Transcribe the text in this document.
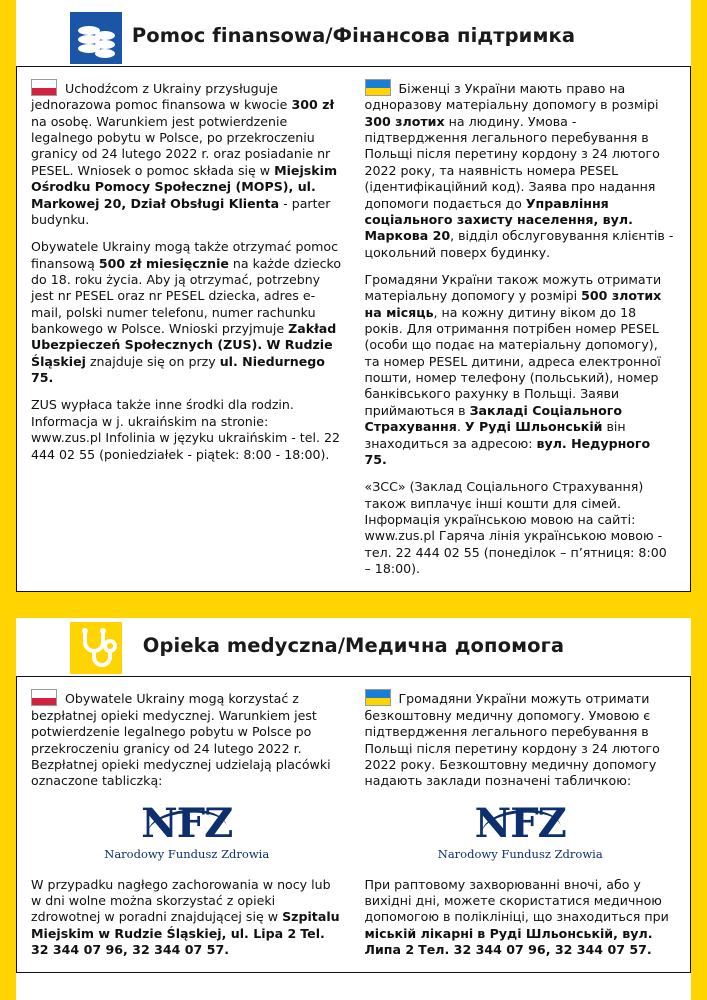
Pomoc finansowa/Фінансова підтримка

Uchodźcom z Ukrainy przysługuje jednorazowa pomoc finansowa w kwocie 300 zł na osobę. Warunkiem jest potwierdzenie legalnego pobytu w Polsce, po przekroczeniu granicy od 24 lutego 2022 r. oraz posiadanie nr PESEL. Wniosek o pomoc składa się w Miejskim Ośrodku Pomocy Społecznej (MOPS), ul. Markowej 20, Dział Obsługi Klienta - parter budynku.

Obywatele Ukrainy mogą także otrzymać pomoc finansową 500 zł miesięcznie na każde dziecko do 18. roku życia. Aby ją otrzymać, potrzebny jest nr PESEL oraz nr PESEL dziecka, adres e-mail, polski numer telefonu, numer rachunku bankowego w Polsce. Wnioski przyjmuje Zakład Ubezpieczeń Społecznych (ZUS). W Rudzie Śląskiej znajduje się on przy ul. Niedurnego 75.

ZUS wypłaca także inne środki dla rodzin. Informacja w j. ukraińskim na stronie: www.zus.pl Infolinia w języku ukraińskim - tel. 22 444 02 55 (poniedziałek - piątek: 8:00 - 18:00).

Біженці з України мають право на одноразову матеріальну допомогу в розмірі 300 злотих на людину. Умова - підтвердження легального перебування в Польщі після перетину кордону з 24 лютого 2022 року, та наявність номера PESEL (ідентифікаційний код). Заява про надання допомоги подається до Управління соціального захисту населення, вул. Маркова 20, відділ обслуговування клієнтів - цокольний поверх будинку.

Громадяни України також можуть отримати матеріальну допомогу у розмірі 500 злотих на місяць, на кожну дитину віком до 18 років. Для отримання потрібен номер PESEL (особи що подає на матеріальну допомогу), та номер PESEL дитини, адреса електронної пошти, номер телефону (польський), номер банківського рахунку в Польщі. Заяви приймаються в Закладі Соціального Страхування. У Руді Шльонській він знаходиться за адресою: вул. Недурного 75.

«ЗСС» (Заклад Соціального Страхування) також виплачує інші кошти для сімей. Інформація українською мовою на сайті: www.zus.pl Гаряча лінія українською мовою - тел. 22 444 02 55 (понеділок – п’ятниця: 8:00 – 18:00).

Opieka medyczna/Медична допомога

Obywatele Ukrainy mogą korzystać z bezpłatnej opieki medycznej. Warunkiem jest potwierdzenie legalnego pobytu w Polsce po przekroczeniu granicy od 24 lutego 2022 r. Bezpłatnej opieki medycznej udzielają placówki oznaczone tabliczką:

NFZ
Narodowy Fundusz Zdrowia

W przypadku nagłego zachorowania w nocy lub w dni wolne można skorzystać z opieki zdrowotnej w poradni znajdującej się w Szpitalu Miejskim w Rudzie Śląskiej, ul. Lipa 2 Tel. 32 344 07 96, 32 344 07 57.

Громадяни України можуть отримати безкоштовну медичну допомогу. Умовою є підтвердження легального перебування в Польщі після перетину кордону з 24 лютого 2022 року. Безкоштовну медичну допомогу надають заклади позначені табличкою:

NFZ
Narodowy Fundusz Zdrowia

При раптовому захворюванні вночі, або у вихідні дні, можете скористатися медичною допомогою в поліклініці, що знаходиться при міській лікарні в Руді Шльонській, вул. Липа 2 Тел. 32 344 07 96, 32 344 07 57.
